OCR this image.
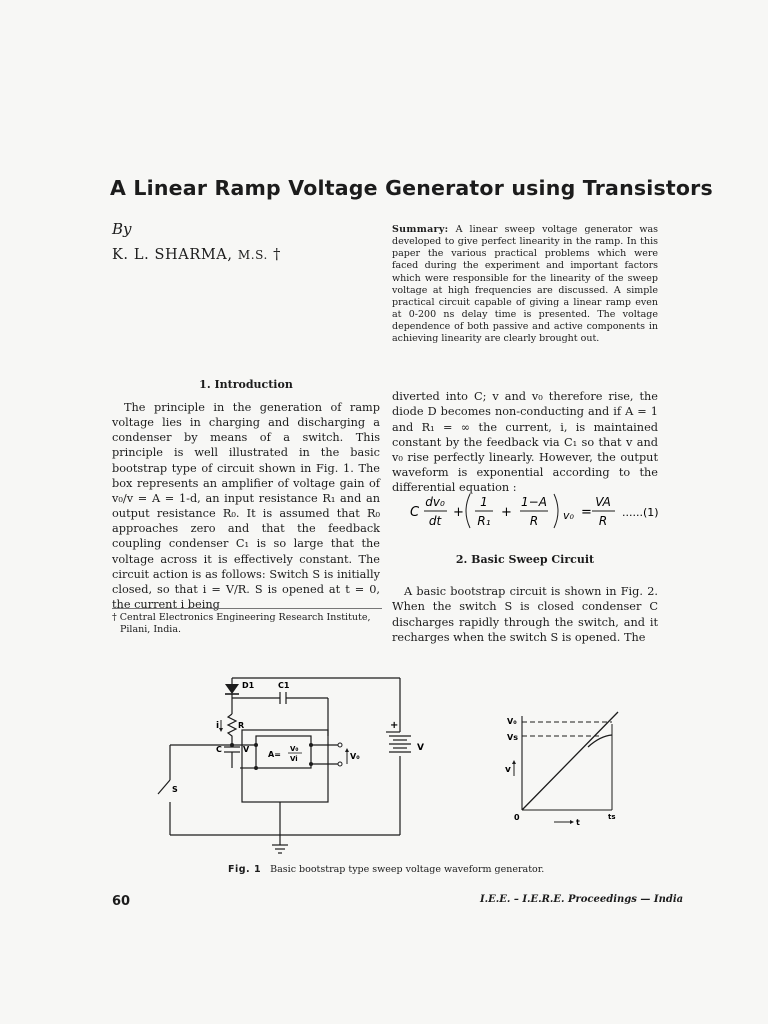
A Linear Ramp Voltage Generator using Transistors
By
K. L. SHARMA, M.S. †
Summary: A linear sweep voltage generator was developed to give perfect linearity in the ramp. In this paper the various practical problems which were faced during the experiment and important factors which were responsible for the linearity of the sweep voltage at high frequencies are discussed. A simple practical circuit capable of giving a linear ramp even at 0-200 ns delay time is presented. The voltage dependence of both passive and active components in achieving linearity are clearly brought out.
1. Introduction

The principle in the generation of ramp voltage lies in charging and discharging a condenser by means of a switch. This principle is well illustrated in the basic bootstrap type of circuit shown in Fig. 1. The box represents an amplifier of voltage gain of v₀/v = A = 1-d, an input resistance R₁ and an output resistance R₀. It is assumed that R₀ approaches zero and that the feedback coupling condenser C₁ is so large that the voltage across it is effectively constant. The circuit action is as follows: Switch S is initially closed, so that i = V/R. S is opened at t = 0, the current i being

diverted into C; v and v₀ therefore rise, the diode D becomes non-conducting and if A = 1 and R₁ = ∞ the current, i, is maintained constant by the feedback via C₁ so that v and v₀ rise perfectly linearly. However, the output waveform is exponential according to the differential equation :

C
dv₀
dt
+
1
R₁
+
1−A
R v₀ =
VA
R
......(1)
2. Basic Sweep Circuit

A basic bootstrap circuit is shown in Fig. 2. When the switch S is closed condenser C discharges rapidly through the switch, and it recharges when the switch S is opened. The

† Central Electronics Engineering Research Institute,
Pilani, India.
D1	C1
R
i
C	V
A=
V₀
Vi	V₀
+
V
S
V₀
Vs
v
0
t
ts
Fig. 1 Basic bootstrap type sweep voltage waveform generator.
60	I.E.E. – I.E.R.E. Proceedings — India
